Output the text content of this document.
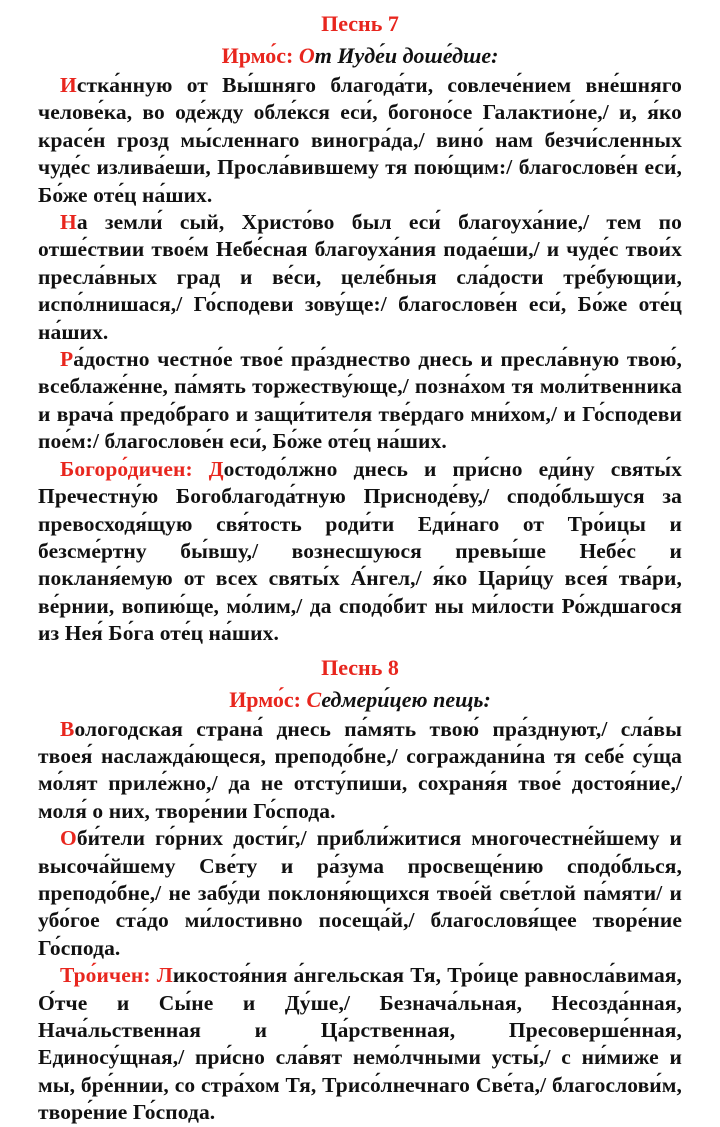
Песнь 7

Ирмо́с: От Иуде́и доше́дше:

Истка́нную от Вы́шняго благода́ти, совлече́нием вне́шняго челове́ка, во оде́жду обле́кся еси́, богоно́се Галактио́не,/ и, я́ко красе́н грозд мы́сленнаго виногра́да,/ вино́ нам безчи́сленных чуде́с излива́еши, Просла́вившему тя пою́щим:/ благослове́н еси́, Бо́же оте́ц на́ших.

На земли́ сый, Христо́во был еси́ благоуха́ние,/ тем по отше́ствии твое́м Небе́сная благоуха́ния подае́ши,/ и чуде́с твои́х пресла́вных град и ве́си, целе́бныя сла́дости тре́бующии, испо́лнишася,/ Го́сподеви зову́ще:/ благослове́н еси́, Бо́же оте́ц на́ших.

Ра́достно честно́е твое́ пра́зднество днесь и пресла́вную твою́, всеблаже́нне, па́мять торжеству́юще,/ позна́хом тя моли́твенника и врача́ предо́браго и защи́тителя тве́рдаго мни́хом,/ и Го́сподеви пое́м:/ благослове́н еси́, Бо́же оте́ц на́ших.

Богоро́дичен: Достодо́лжно днесь и при́сно еди́ну святы́х Пречестну́ю Богоблагода́тную Присноде́ву,/ сподо́бльшуся за превосходя́щую свя́тость роди́ти Еди́наго от Тро́ицы и безсме́ртну бы́вшу,/ вознесшуюся превы́ше Небе́с и покланя́емую от всех святы́х А́нгел,/ я́ко Цари́цу всея́ тва́ри, ве́рнии, вопию́ще, мо́лим,/ да сподо́бит ны ми́лости Ро́ждшагося из Нея́ Бо́га оте́ц на́ших.

Песнь 8

Ирмо́с: Седмери́цею пещь:

Вологодская страна́ днесь па́мять твою́ пра́зднуют,/ сла́вы твоея́ наслажда́ющеся, преподо́бне,/ сограждани́на тя себе́ су́ща мо́лят приле́жно,/ да не отсту́пиши, сохраня́я твое́ достоя́ние,/ моля́ о них, творе́нии Го́спода.

Оби́тели го́рних дости́г,/ прибли́житися многочестне́йшему и высоча́йшему Све́ту и ра́зума просвеще́нию сподо́блься, преподо́бне,/ не забу́ди поклоня́ющихся твое́й све́тлой па́мяти/ и убо́гое ста́до ми́лостивно посеща́й,/ благословя́щее творе́ние Го́спода.

Тро́ичен: Ликостоя́ния а́нгельская Тя, Тро́ице равносла́вимая, О́тче и Сы́не и Ду́ше,/ Безнача́льная, Несозда́нная, Нача́льственная и Ца́рственная, Пресоверше́нная, Единосу́щная,/ при́сно сла́вят немо́лчными усты́,/ с ни́миже и мы, бре́ннии, со стра́хом Тя, Трисо́лнечнаго Све́та,/ благослови́м, творе́ние Го́спода.
